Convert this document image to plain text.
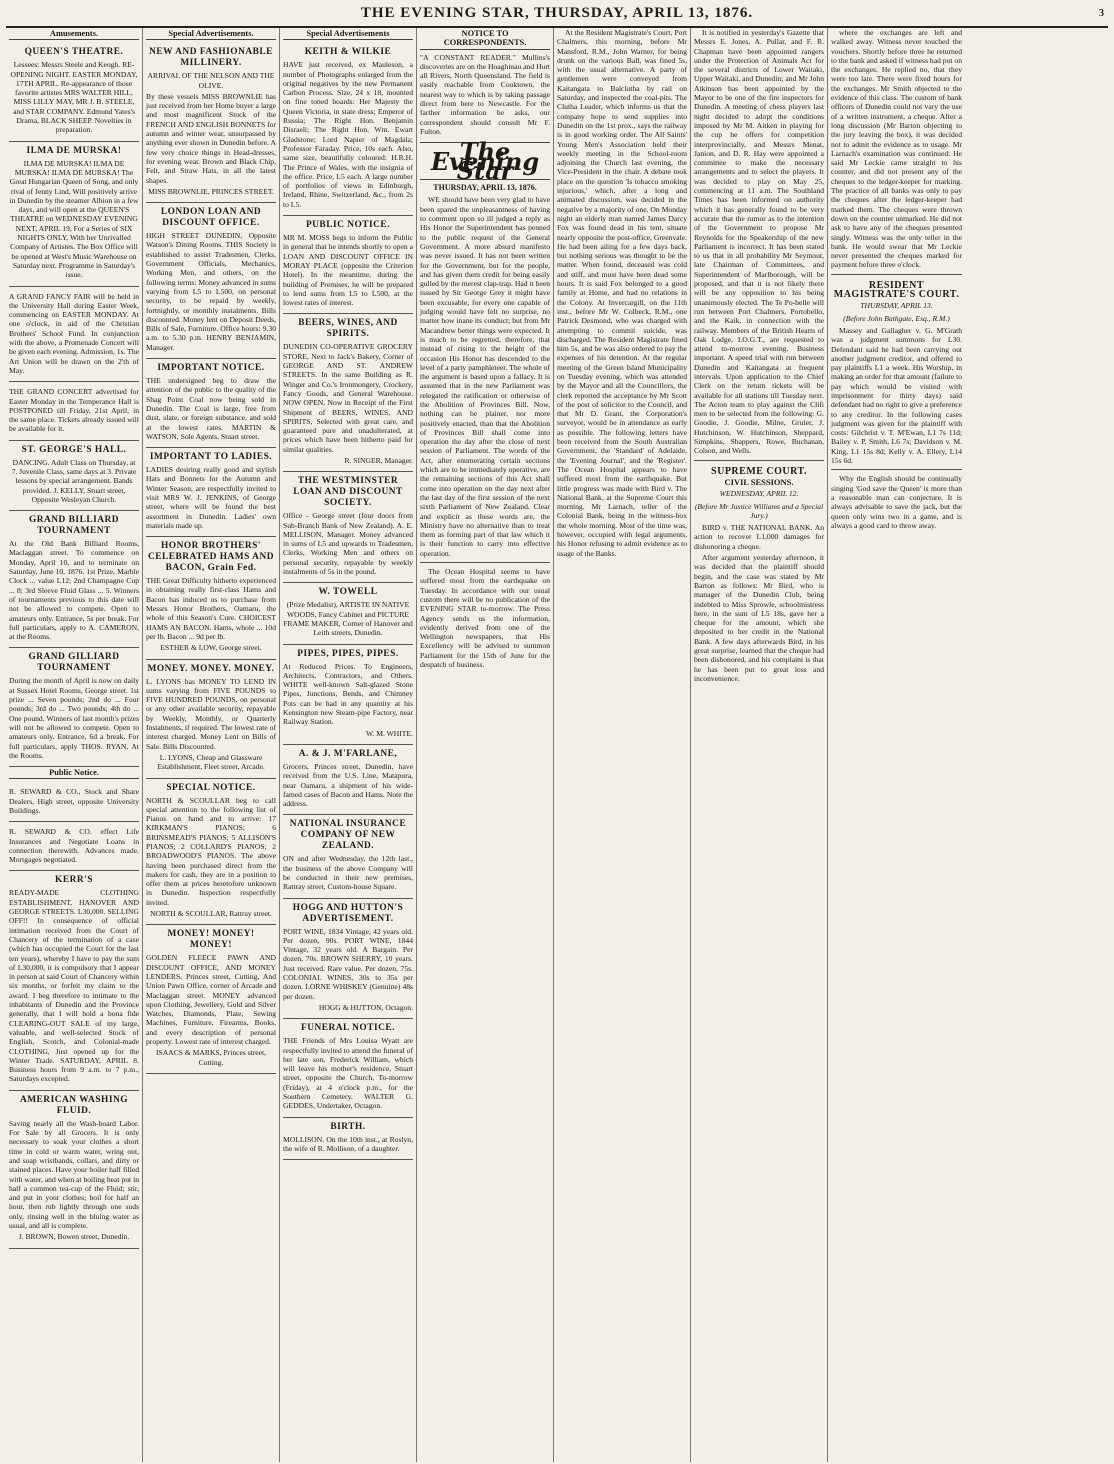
THE EVENING STAR, THURSDAY, APRIL 13, 1876.	3
Amusements.
QUEEN'S THEATRE.

Lessees: Messrs Steele and Keogh. RE-OPENING NIGHT. EASTER MONDAY, 17TH APRIL. Re-appearance of those favorite artistes MRS WALTER HILL, MISS LILLY MAY, MR J. B. STEELE, and STAR COMPANY. Edmund Yates's Drama, BLACK SHEEP. Novelties in preparation.

ILMA DE MURSKA!

ILMA DE MURSKA! ILMA DE MURSKA! ILMA DE MURSKA! The Great Hungarian Queen of Song, and only rival of Jenny Lind, Will positively arrive in Dunedin by the steamer Albion in a few days, and will open at the QUEEN'S THEATRE on WEDNESDAY EVENING NEXT, APRIL 19, For a Series of SIX NIGHTS ONLY, With her Unrivalled Company of Artistes. The Box Office will be opened at West's Music Warehouse on Saturday next. Programme in Saturday's issue.

A GRAND FANCY FAIR will be held in the University Hall during Easter Week, commencing on EASTER MONDAY. At one o'clock, in aid of the Christian Brothers' School Fund. In conjunction with the above, a Promenade Concert will be given each evening. Admission, 1s. The Art Union will be drawn on the 2'th of May.

THE GRAND CONCERT advertised for Easter Monday in the Temperance Hall is POSTPONED till Friday, 21st April, in the same place. Tickets already issued will be available for it.

ST. GEORGE'S HALL.

DANCING. Adult Class on Thursday, at 7. Juvenile Class, same days at 3. Private lessons by special arrangement. Bands provided. J. KELLY, Stuart street, Opposite Wesleyan Church.

GRAND BILLIARD TOURNAMENT

At the Old Bank Billiard Rooms, Maclaggan street. To commence on Monday, April 10, and to terminate on Saturday, June 10, 1876. 1st Prize, Marble Clock ... value L12; 2nd Champagne Cup ... 8; 3rd Sleeve Fluid Glass ... 5. Winners of tournaments previous to this date will not be allowed to compete. Open to amateurs only. Entrance, 5s per break. For full particulars, apply to A. CAMERON, at the Rooms.

GRAND GILLIARD TOURNAMENT

During the month of April is now on daily at Sussex Hotel Rooms, George street. 1st prize ... Seven pounds; 2nd do ... Four pounds; 3rd do ... Two pounds; 4th do ... One pound. Winners of last month's prizes will not be allowed to compete. Open to amateurs only. Entrance, 6d a break. For full particulars, apply THOS. RYAN, At the Rooms.

Public Notice.

R. SEWARD & CO., Stock and Share Dealers, High street, opposite University Buildings.

R. SEWARD & CO. effect Life Insurances and Negotiate Loans in connection therewith. Advances made. Mortgages negotiated.

KERR'S

READY-MADE CLOTHING ESTABLISHMENT, HANOVER AND GEORGE STREETS. L30,000. SELLING OFF!! In consequence of official intimation received from the Court of Chancery of the termination of a case (which has occupied the Court for the last ten years), whereby I have to pay the sum of L30,000, it is compulsory that I appear in person at said Court of Chancery within six months, or forfeit my claim to the award. I beg therefore to intimate to the inhabitants of Dunedin and the Province generally, that I will hold a bona fide CLEARING-OUT SALE of my large, valuable, and well-selected Stock of English, Scotch, and Colonial-made CLOTHING, Just opened up for the Winter Trade. SATURDAY, APRIL 8. Business hours from 9 a.m. to 7 p.m., Saturdays excepted.

AMERICAN WASHING FLUID.

Saving nearly all the Wash-board Labor. For Sale by all Grocers. It is only necessary to soak your clothes a short time in cold or warm water, wring out, and soap wristbands, collars, and dirty or stained places. Have your boiler half filled with water, and when at boiling heat put in half a common tea-cup of the Fluid; stir, and put in your clothes; boil for half an hour, then rub lightly through one suds only, rinsing well in the bluing water as usual, and all is complete.

J. BROWN, Bowen street, Dunedin.

Special Advertisements.
NEW AND FASHIONABLE MILLINERY.
ARRIVAL OF THE NELSON AND THE OLIVE.

By these vessels MISS BROWNLIE has just received from her Home buyer a large and most magnificent Stock of the FRENCH AND ENGLISH BONNETS for autumn and winter wear, unsurpassed by anything ever shown in Dunedin before. A few very choice things in Head-dresses, for evening wear. Brown and Black Chip, Felt, and Straw Hats, in all the latest shapes.

MISS BROWNLIE, PRINCES STREET.

LONDON LOAN AND DISCOUNT OFFICE.

HIGH STREET DUNEDIN, Opposite Watson's Dining Rooms. THIS Society is established to assist Tradesmen, Clerks, Government Officials, Mechanics, Working Men, and others, on the following terms: Money advanced in sums varying from L5 to L500, on personal security, to be repaid by weekly, fortnightly, or monthly instalments. Bills discounted. Money lent on Deposit Deeds, Bills of Sale, Furniture. Office hours: 9.30 a.m. to 5.30 p.m. HENRY BENJAMIN, Manager.

IMPORTANT NOTICE.

THE undersigned beg to draw the attention of the public to the quality of the Shag Point Coal now being sold in Dunedin. The Coal is large, free from dust, slate, or foreign substance, and sold at the lowest rates. MARTIN & WATSON, Sole Agents, Stuart street.

IMPORTANT TO LADIES.

LADIES desiring really good and stylish Hats and Bonnets for the Autumn and Winter Season, are respectfully invited to visit MRS W. J. JENKINS, of George street, where will be found the best assortment in Dunedin. Ladies' own materials made up.

HONOR BROTHERS' CELEBRATED HAMS AND BACON, Grain Fed.

THE Great Difficulty hitherto experienced in obtaining really first-class Hams and Bacon has induced us to purchase from Messrs Honor Brothers, Oamaru, the whole of this Season's Cure. CHOICEST HAMS AN BACON. Hams, whole ... 10d per lb. Bacon ... 9d per lb.

ESTHER & LOW, George street.

MONEY. MONEY. MONEY.

L. LYONS has MONEY TO LEND IN sums varying from FIVE POUNDS to FIVE HUNDRED POUNDS, on personal or any other available security, repayable by Weekly, Monthly, or Quarterly Instalments, if required. The lowest rate of interest charged. Money Lent on Bills of Sale. Bills Discounted.

L. LYONS, Cheap and Glassware Establishment, Fleet street, Arcade.

SPECIAL NOTICE.

NORTH & SCOULLAR beg to call special attention to the following list of Pianos on hand and to arrive: 17 KIRKMAN'S PIANOS; 6 BRINSMEAD'S PIANOS; 5 ALLISON'S PIANOS; 2 COLLARD'S PIANOS; 2 BROADWOOD'S PIANOS. The above having been purchased direct from the makers for cash, they are in a position to offer them at prices heretofore unknown in Dunedin. Inspection respectfully invited.

NORTH & SCOULLAR, Rattray street.

MONEY! MONEY! MONEY!

GOLDEN FLEECE PAWN AND DISCOUNT OFFICE, AND MONEY LENDERS, Princes street, Cutting, And Union Pawn Office, corner of Arcade and Maclaggan street. MONEY advanced upon Clothing, Jewellery, Gold and Silver Watches, Diamonds, Plate, Sewing Machines, Furniture, Firearms, Books, and every description of personal property. Lowest rate of interest charged.

ISAACS & MARKS, Princes street, Cutting.

Special Advertisements
KEITH & WILKIE

HAVE just received, ex Mauleson, a number of Photographs enlarged from the original negatives by the new Permanent Carbon Process. Size, 24 x 18, mounted on fine toned boards: Her Majesty the Queen Victoria, in state dress; Emperor of Russia; The Right Hon. Benjamin Disraeli; The Right Hon. Wm. Ewart Gladstone; Lord Napier of Magdala; Professor Faraday. Price, 10s each. Also, same size, beautifully coloured: H.R.H. The Prince of Wales, with the insignia of the office. Price, L5 each. A large number of portfolios of views in Edinburgh, Ireland, Rhine, Switzerland, &c., from 2s to L5.

PUBLIC NOTICE.

MR M. MOSS begs to inform the Public in general that he intends shortly to open a LOAN AND DISCOUNT OFFICE IN MORAY PLACE (opposite the Criterion Hotel). In the meantime, during the building of Premises, he will be prepared to lend sums from L5 to L500, at the lowest rates of interest.

BEERS, WINES, AND SPIRITS.

DUNEDIN CO-OPERATIVE GROCERY STORE, Next to Jack's Bakery, Corner of GEORGE AND ST. ANDREW STREETS. In the same Building as R. Winger and Co.'s Ironmongery, Crockery, Fancy Goods, and General Warehouse. NOW OPEN. Now in Receipt of the First Shipment of BEERS, WINES, AND SPIRITS, Selected with great care, and guaranteed pure and unadulterated, at prices which have been hitherto paid for similar qualities.

R. SINGER, Manager.

THE WESTMINSTER LOAN AND DISCOUNT SOCIETY.

Office - George street (four doors from Sub-Branch Bank of New Zealand). A. E. MELLISON, Manager. Money advanced in sums of L5 and upwards to Tradesmen, Clerks, Working Men and others on personal security, repayable by weekly instalments of 5s in the pound.

W. TOWELL

(Prize Medalist), ARTISTE IN NATIVE WOODS, Fancy Cabinet and PICTURE FRAME MAKER, Corner of Hanover and Leith streets, Dunedin.

PIPES, PIPES, PIPES.

At Reduced Prices. To Engineers, Architects, Contractors, and Others. WHITE well-known Salt-glazed Stone Pipes, Junctions, Bends, and Chimney Pots can be had in any quantity at his Kensington new Steam-pipe Factory, near Railway Station.

W. M. WHITE.

A. & J. M'FARLANE,

Grocers, Princes street, Dunedin, have received from the U.S. Line, Matapura, near Oamaru, a shipment of his wide-famed cases of Bacon and Hams. Note the address.

NATIONAL INSURANCE COMPANY OF NEW ZEALAND.

ON and after Wednesday, the 12th last., the business of the above Company will be conducted in their new premises, Rattray street, Custom-house Square.

HOGG AND HUTTON'S ADVERTISEMENT.

PORT WINE, 1834 Vintage, 42 years old. Per dozen, 90s. PORT WINE, 1844 Vintage, 32 years old. A Bargain. Per dozen, 70s. BROWN SHERRY, 10 years. Just received. Rare value. Per dozen, 75s. COLONIAL WINES, 30s to 35s per dozen. LORNE WHISKEY (Genuine) 48s per dozen.

HOGG & HUTTON, Octagon.

FUNERAL NOTICE.

THE Friends of Mrs Louisa Wyatt are respectfully invited to attend the funeral of her late son, Frederick William, which will leave his mother's residence, Stuart street, opposite the Church, To-morrow (Friday), at 4 o'clock p.m., for the Southern Cemetery. WALTER G. GEDDES, Undertaker, Octagon.

BIRTH.

MOLLISON. On the 10th inst., at Roslyn, the wife of R. Mollison, of a daughter.

NOTICE TO CORRESPONDENTS.

"A CONSTANT READER." Mullins's discoveries are on the Hoaghinau and Hurt all Rivers, North Queensland. The field is easily reachable from Cooktown, the nearest way to which is by taking passage direct from here to Newcastle. For the farther information he asks, our correspondent should consult Mr F. Fulton.

The Evening Star
THURSDAY, APRIL 13, 1876.

WE should have been very glad to have been spared the unpleasantness of having to comment upon so ill judged a reply as His Honor the Superintendent has penned to the public request of the General Government. A more absurd manifesto was never issued. It has not been written for the Government, but for the people, and has given them credit for being easily gulled by the merest clap-trap. Had it been issued by Sir George Grey it might have been excusable, for every one capable of judging would have felt no surprise, no matter how inane its conduct; but from Mr Macandrew better things were expected. It is much to be regretted, therefore, that instead of rising to the height of the occasion His Honor has descended to the level of a party pamphleteer. The whole of the argument is based upon a fallacy. It is assumed that in the new Parliament was relegated the ratification or otherwise of the Abolition of Provinces Bill. Now, nothing can be plainer, nor more positively enacted, than that the Abolition of Provinces Bill shall come into operation the day after the close of next session of Parliament. The words of the Act, after enumerating certain sections which are to be immediately operative, are the remaining sections of this Act shall come into operation on the day next after the last day of the first session of the next sixth Parliament of New Zealand. Clear and explicit as these words are, the Ministry have no alternative than to treat them as forming part of that law which it is their function to carry into effective operation.

The Ocean Hospital seems to have suffered most from the earthquake on Tuesday. In accordance with our usual custom there will be no publication of the EVENING STAR to-morrow. The Press Agency sends us the information, evidently derived from one of the Wellington newspapers, that His Excellency will be advised to summon Parliament for the 15th of June for the despatch of business.

At the Resident Magistrate's Court, Port Chalmers, this morning, before Mr Mansford, R.M., John Warner, for being drunk on the various Ball, was fined 5s, with the usual alternative. A party of gentlemen were conveyed from Kaitangata to Balclutha by rail on Saturday, and inspected the coal-pits. The Clutha Leader, which informs us that the company hope to send supplies into Dunedin on the 1st prox., says the railway is in good working order. The All Saints' Young Men's Association held their weekly meeting in the School-room adjoining the Church last evening, the Vice-President in the chair. A debate took place on the question 'Is tobacco smoking injurious,' which, after a long and animated discussion, was decided in the negative by a majority of one. On Monday night an elderly man named James Darcy Fox was found dead in his tent, situate nearly opposite the post-office, Greenvale. He had been ailing for a few days back, but nothing serious was thought to be the matter. When found, deceased was cold and stiff, and must have been dead some hours. It is said Fox belonged to a good family at Home, and had no relations in the Colony. At Invercargill, on the 11th inst., before Mr W. Colbeck, R.M., one Patrick Desmond, who was charged with attempting to commit suicide, was discharged. The Resident Magistrate fined him 5s, and he was also ordered to pay the expenses of his detention. At the regular meeting of the Green Island Municipality on Tuesday evening, which was attended by the Mayor and all the Councillors, the clerk reported the acceptance by Mr Scott of the post of solicitor to the Council, and that Mr D. Grant, the Corporation's surveyor, would be in attendance as early as possible. The following letters have been received from the South Australian Government, the 'Standard' of Adelaide, the 'Evening Journal', and the 'Register'. The Ocean Hospital appears to have suffered most from the earthquake. But little progress was made with Bird v. The National Bank, at the Supreme Court this morning. Mr Larnach, teller of the Colonial Bank, being in the witness-box the whole morning. Most of the time was, however, occupied with legal arguments, his Honor refusing to admit evidence as to usage of the Banks.

It is notified in yesterday's Gazette that Messrs E. Jones, A. Pullar, and F. R. Chapman have been appointed rangers under the Protection of Animals Act for the several districts of Lower Waitaki, Upper Waitaki, and Dunedin; and Mr John Atkinson has been appointed by the Mayor to be one of the fire inspectors for Dunedin. A meeting of chess players last night decided to adopt the conditions imposed by Mr M. Aitken in playing for the cup he offers for competition interprovincially, and Messrs Menat, Janion, and D. R. Hay were appointed a committee to make the necessary arrangements and to select the players. It was decided to play on May 25, commencing at 11 a.m. The Southland Times has been informed on authority which it has generally found to be very accurate that the rumor as to the intention of the Government to propose Mr Reynolds for the Speakership of the new Parliament is incorrect. It has been stated to us that in all probability Mr Seymour, late Chairman of Committees, and Superintendent of Marlborough, will be proposed, and that it is not likely there will be any opposition to his being unanimously elected. The Te Po-belle will run between Port Chalmers, Portobello, and the Kaik, in connection with the railway. Members of the British Hearts of Oak Lodge, I.O.G.T., are requested to attend to-morrow evening. Business important. A speed trial with run between Dunedin and Kaitangata at frequent intervals. Upon application to the Chief Clerk on the return tickets will be available for all stations till Tuesday next. The Acton team to play against the Clifi men to be selected from the following: G. Goodie, J. Goodie, Milne, Gruler, J. Hutchinson, W. Hutchinson, Sheppard, Simpkins, Shappers, Rowe, Buchanan, Colson, and Wells.

SUPREME COURT.
CIVIL SESSIONS.
WEDNESDAY, APRIL 12.
(Before Mr Justice Williams and a Special Jury.)

BIRD v. THE NATIONAL BANK. An action to recover L1,000 damages for dishonoring a cheque.

After argument yesterday afternoon, it was decided that the plaintiff should begin, and the case was stated by Mr Barton as follows: Mr Bird, who is manager of the Dunedin Club, being indebted to Miss Sprowle, schoolmistress here, in the sum of L5 18s, gave her a cheque for the amount, which she deposited to her credit in the National Bank. A few days afterwards Bird, in his great surprise, learned that the cheque had been dishonored, and his complaint is that he has been put to great loss and inconvenience.

where the exchanges are left and walked away. Witness never touched the vouchers. Shortly before three he returned to the bank and asked if witness had put on the exchanges. He replied no, that they were too late. There were fixed hours for the exchanges. Mr Smith objected to the evidence of this class. The custom of bank officers of Dunedin could not vary the use of a written instrument, a cheque. After a long discussion (Mr Barton objecting to the jury leaving the box), it was decided not to admit the evidence as to usage. Mr Larnach's examination was continued: He said Mr Leckie came straight to his counter, and did not present any of the cheques to the ledger-keeper for marking. The practice of all banks was only to pay the cheques after the ledger-keeper had marked them. The cheques were thrown down on the counter unmarked. He did not ask to have any of the cheques presented singly. Witness was the only teller in the bank. He would swear that Mr Leckie never presented the cheques marked for payment before three o'clock.

RESIDENT MAGISTRATE'S COURT.
THURSDAY, APRIL 13.
(Before John Bathgate, Esq., R.M.)

Massey and Gallagher v. G. M'Grath was a judgment summons for L30. Defendant said he had been carrying out another judgment creditor, and offered to pay plaintiffs L1 a week. His Worship, in making an order for that amount (failure to pay which would be visited with imprisonment for thirty days) said defendant had no right to give a preference to any creditor. In the following cases judgment was given for the plaintiff with costs: Gilchrist v. T. M'Ewan, L1 7s 11d; Bailey v. P. Smith, L6 7s; Davidson v. M. King, L1 15s 8d; Kelly v. A. Ellery, L14 15s 6d.

Why the English should be continually singing 'God save the Queen' is more than a reasonable man can conjecture. It is always advisable to save the jack, but the queen only wins two in a game, and is always a good card to throw away.
